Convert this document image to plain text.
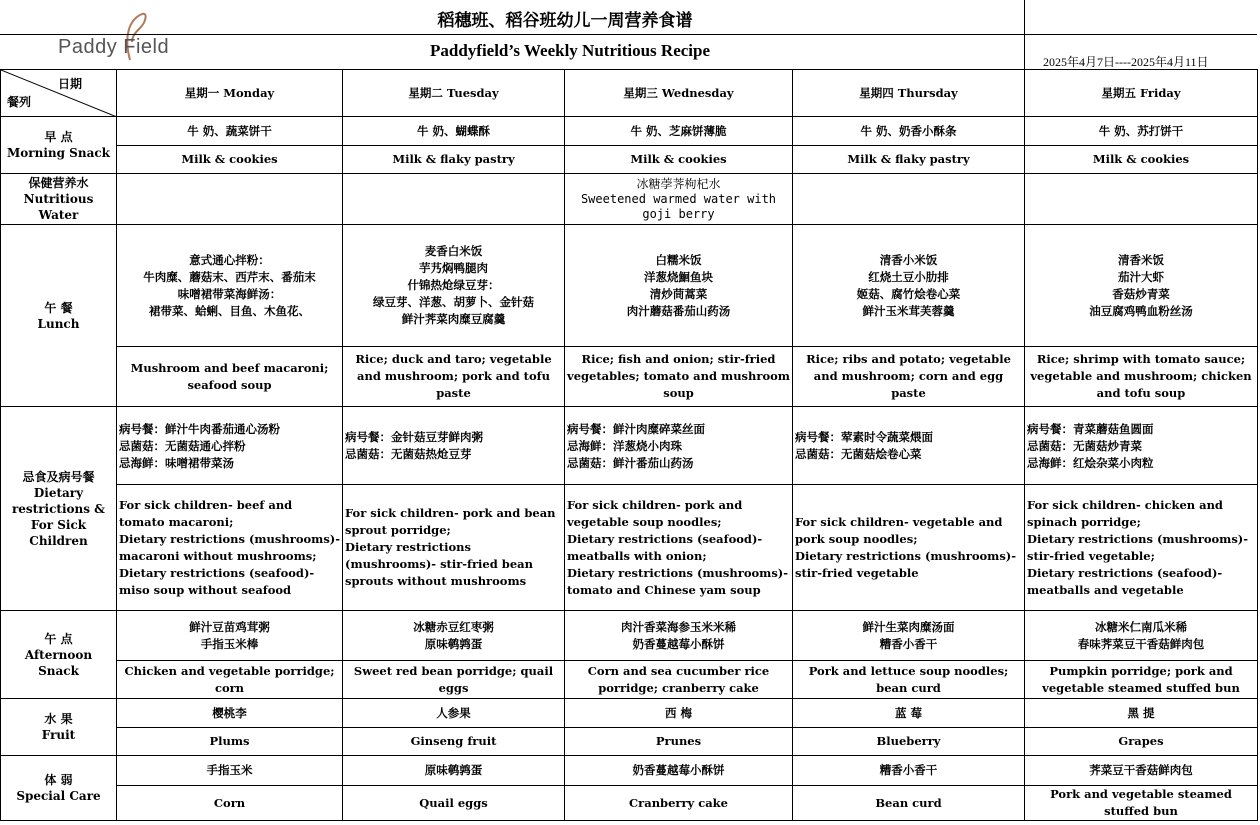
Paddy Field
稻穗班、稻谷班幼儿一周营养食谱
Paddyfield’s Weekly Nutritious Recipe
2025年4月7日----2025年4月11日
日期
餐列	星期一 Monday	星期二 Tuesday	星期三 Wednesday	星期四 Thursday	星期五 Friday

早 点
Morning Snack	牛 奶、蔬菜饼干	牛 奶、蝴蝶酥	牛 奶、芝麻饼薄脆	牛 奶、奶香小酥条	牛 奶、苏打饼干
	Milk & cookies	Milk & flaky pastry	Milk & cookies	Milk & flaky pastry	Milk & cookies

保健营养水
Nutritious Water			冰糖荸荠枸杞水
Sweetened warmed water with
goji berry		

午 餐
Lunch	意式通心拌粉：
牛肉糜、蘑菇末、西芹末、番茄末
味噌裙带菜海鲜汤：
裙带菜、蛤蜊、目鱼、木鱼花、	麦香白米饭
芋艿焖鸭腿肉
什锦热炝绿豆芽：
绿豆芽、洋葱、胡萝卜、金针菇
鲜汁荠菜肉糜豆腐羹	白糯米饭
洋葱烧鮰鱼块
清炒茼蒿菜
肉汁蘑菇番茄山药汤	清香小米饭
红烧土豆小肋排
姬菇、腐竹烩卷心菜
鲜汁玉米茸芙蓉羹	清香米饭
茄汁大虾
香菇炒青菜
油豆腐鸡鸭血粉丝汤
	Mushroom and beef macaroni; seafood soup	Rice; duck and taro; vegetable and mushroom; pork and tofu paste	Rice; fish and onion; stir-fried vegetables; tomato and mushroom soup	Rice; ribs and potato; vegetable and mushroom; corn and egg paste	Rice; shrimp with tomato sauce; vegetable and mushroom; chicken and tofu soup

忌食及病号餐
Dietary restrictions & For Sick Children	病号餐：鲜汁牛肉番茄通心汤粉
忌菌菇：无菌菇通心拌粉
忌海鲜：味噌裙带菜汤	病号餐：金针菇豆芽鲜肉粥
忌菌菇：无菌菇热炝豆芽	病号餐：鲜汁肉糜碎菜丝面
忌海鲜：洋葱烧小肉珠
忌菌菇：鲜汁番茄山药汤	病号餐：荤素时令蔬菜煨面
忌菌菇：无菌菇烩卷心菜	病号餐：青菜蘑菇鱼圆面
忌菌菇：无菌菇炒青菜
忌海鲜：红烩杂菜小肉粒
	For sick children- beef and tomato macaroni;
Dietary restrictions (mushrooms)- macaroni without mushrooms;
Dietary restrictions (seafood)- miso soup without seafood	For sick children- pork and bean sprout porridge;
Dietary restrictions (mushrooms)- stir-fried bean sprouts without mushrooms	For sick children- pork and vegetable soup noodles;
Dietary restrictions (seafood)- meatballs with onion;
Dietary restrictions (mushrooms)- tomato and Chinese yam soup	For sick children- vegetable and pork soup noodles;
Dietary restrictions (mushrooms)- stir-fried vegetable	For sick children- chicken and spinach porridge;
Dietary restrictions (mushrooms)- stir-fried vegetable;
Dietary restrictions (seafood)- meatballs and vegetable

午 点
Afternoon Snack	鲜汁豆苗鸡茸粥
手指玉米棒	冰糖赤豆红枣粥
原味鹌鹑蛋	肉汁香菜海参玉米米稀
奶香蔓越莓小酥饼	鲜汁生菜肉糜汤面
糟香小香干	冰糖米仁南瓜米稀
春味荠菜豆干香菇鲜肉包
	Chicken and vegetable porridge; corn	Sweet red bean porridge; quail eggs	Corn and sea cucumber rice porridge; cranberry cake	Pork and lettuce soup noodles; bean curd	Pumpkin porridge; pork and vegetable steamed stuffed bun

水 果
Fruit	樱桃李	人参果	西 梅	蓝 莓	黑 提
	Plums	Ginseng fruit	Prunes	Blueberry	Grapes

体 弱
Special Care	手指玉米	原味鹌鹑蛋	奶香蔓越莓小酥饼	糟香小香干	荠菜豆干香菇鲜肉包
	Corn	Quail eggs	Cranberry cake	Bean curd	Pork and vegetable steamed stuffed bun
